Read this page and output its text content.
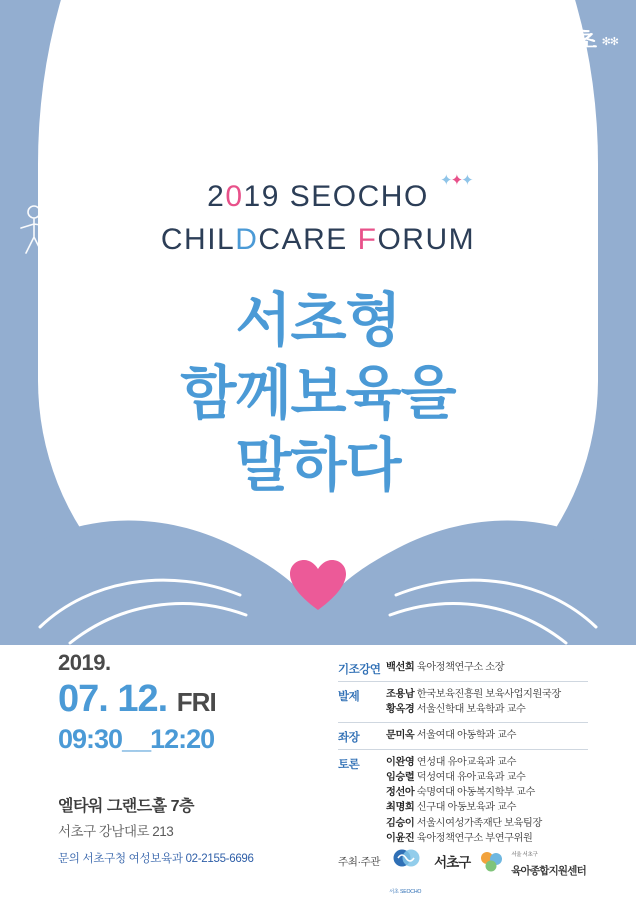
신나는 변화 푸른 서초 ✻✻
2019 SEOCHO ✦✦✦
CHILDCARE FORUM
서초형
함께보육을
말하다
2019.
07. 12. FRI
09:30__12:20
엘타워 그랜드홀 7층
서초구 강남대로 213
문의 서초구청 여성보육과 02-2155-6696
기조강연 백선희 육아정책연구소 소장
발제	조용남 한국보육진흥원 보육사업지원국장
황옥경 서울신학대 보육학과 교수
좌장	문미옥 서울여대 아동학과 교수
토론	이완영 연성대 유아교육과 교수
임승렬 덕성여대 유아교육과 교수
정선아 숙명여대 아동복지학부 교수
최명희 신구대 아동보육과 교수
김승이 서울시여성가족재단 보육팀장
이윤진 육아정책연구소 부연구위원
주최·주관
서초 SEOCHO
서초구	서울 서초구
육아종합지원센터
